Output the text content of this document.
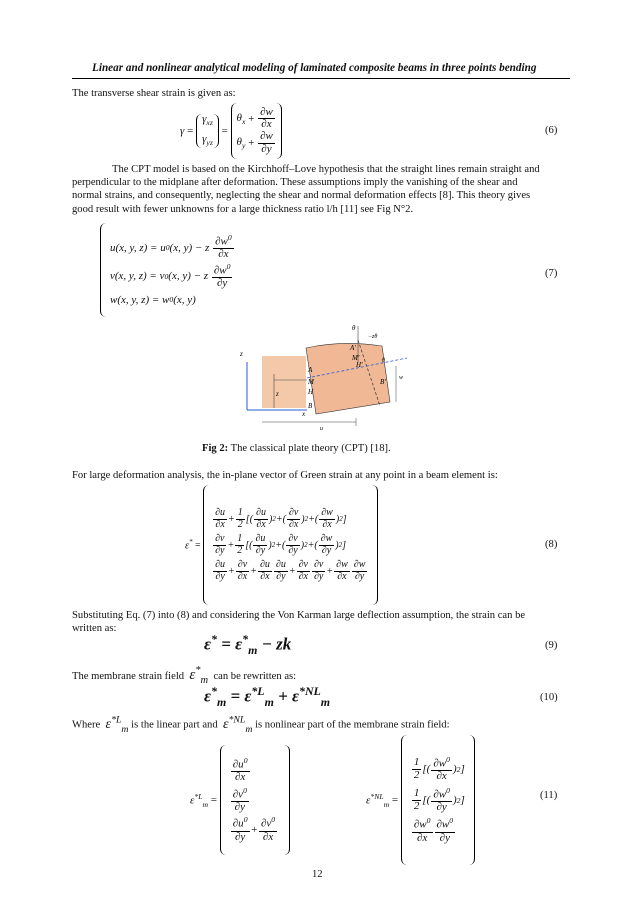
Linear and nonlinear analytical modeling of laminated composite beams in three points bending
The transverse shear strain is given as:
γ =
$\gamma_{xz}$
$\gamma_{yz}$
=
$\theta_x + \frac{\partial w}{\partial x}$
$\theta_y + \frac{\partial w}{\partial y}$
(6)
The CPT model is based on the Kirchhoff–Love hypothesis that the straight lines remain straight and
perpendicular to the midplane after deformation. These assumptions imply the vanishing of the shear and
normal strains, and consequently, neglecting the shear and normal deformation effects [8]. This theory gives
good result with fewer unknowns for a large thickness ratio l/h [11] see Fig N°2.
u(x, y, z) = u 0 (x, y) − z $\frac{\partial w^0}{\partial x}$
v(x, y, z) = v 0 (x, y) − z $\frac{\partial w^0}{\partial y}$
w(x, y, z) = w 0 (x, y)
(7)
z
A
M
H
B
x
z
A'
M'
H'
B'
θ
−zθ
θ
w
u
Fig 2: The classical plate theory (CPT) [18].
For large deformation analysis, the in-plane vector of Green strain at any point in a beam element is:
ε* =
$\frac{\partial u}{\partial x} + \frac{1}{2}$ [( $\frac{\partial u}{\partial x}$ ) 2 +( $\frac{\partial v}{\partial x}$ ) 2 +( $\frac{\partial w}{\partial x}$ ) 2 ]
$\frac{\partial v}{\partial y} + \frac{1}{2}$ [( $\frac{\partial u}{\partial y}$ ) 2 +( $\frac{\partial v}{\partial y}$ ) 2 +( $\frac{\partial w}{\partial y}$ ) 2 ]
$\frac{\partial u}{\partial y} + \frac{\partial v}{\partial x} + \frac{\partial u}{\partial x} \frac{\partial u}{\partial y} + \frac{\partial v}{\partial x} \frac{\partial v}{\partial y} + \frac{\partial w}{\partial x} \frac{\partial w}{\partial y}$
(8)
Substituting Eq. (7) into (8) and considering the Von Karman large deflection assumption, the strain can be
written as:
$\varepsilon^* = \varepsilon^*_m$ − zk	(9)
The membrane strain field $\varepsilon^*_m$ can be rewritten as:
$\varepsilon^*_m = \varepsilon^{*L}_m + \varepsilon^{*NL}_m$	(10)
Where $\varepsilon^{*L}_m$ is the linear part and $\varepsilon^{*NL}_m$ is nonlinear part of the membrane strain field:
$\varepsilon^{*L}_m$ =
$\frac{\partial u^0}{\partial x}$
$\frac{\partial v^0}{\partial y}$
$\frac{\partial u^0}{\partial y} + \frac{\partial v^0}{\partial x}$
$\varepsilon^{*NL}_m$ =
$\frac{1}{2}$ [( $\frac{\partial w^0}{\partial x}$ ) 2 ]
$\frac{1}{2}$ [( $\frac{\partial w^0}{\partial y}$ ) 2 ]
$\frac{\partial w^0}{\partial x} \frac{\partial w^0}{\partial y}$
(11)
12
